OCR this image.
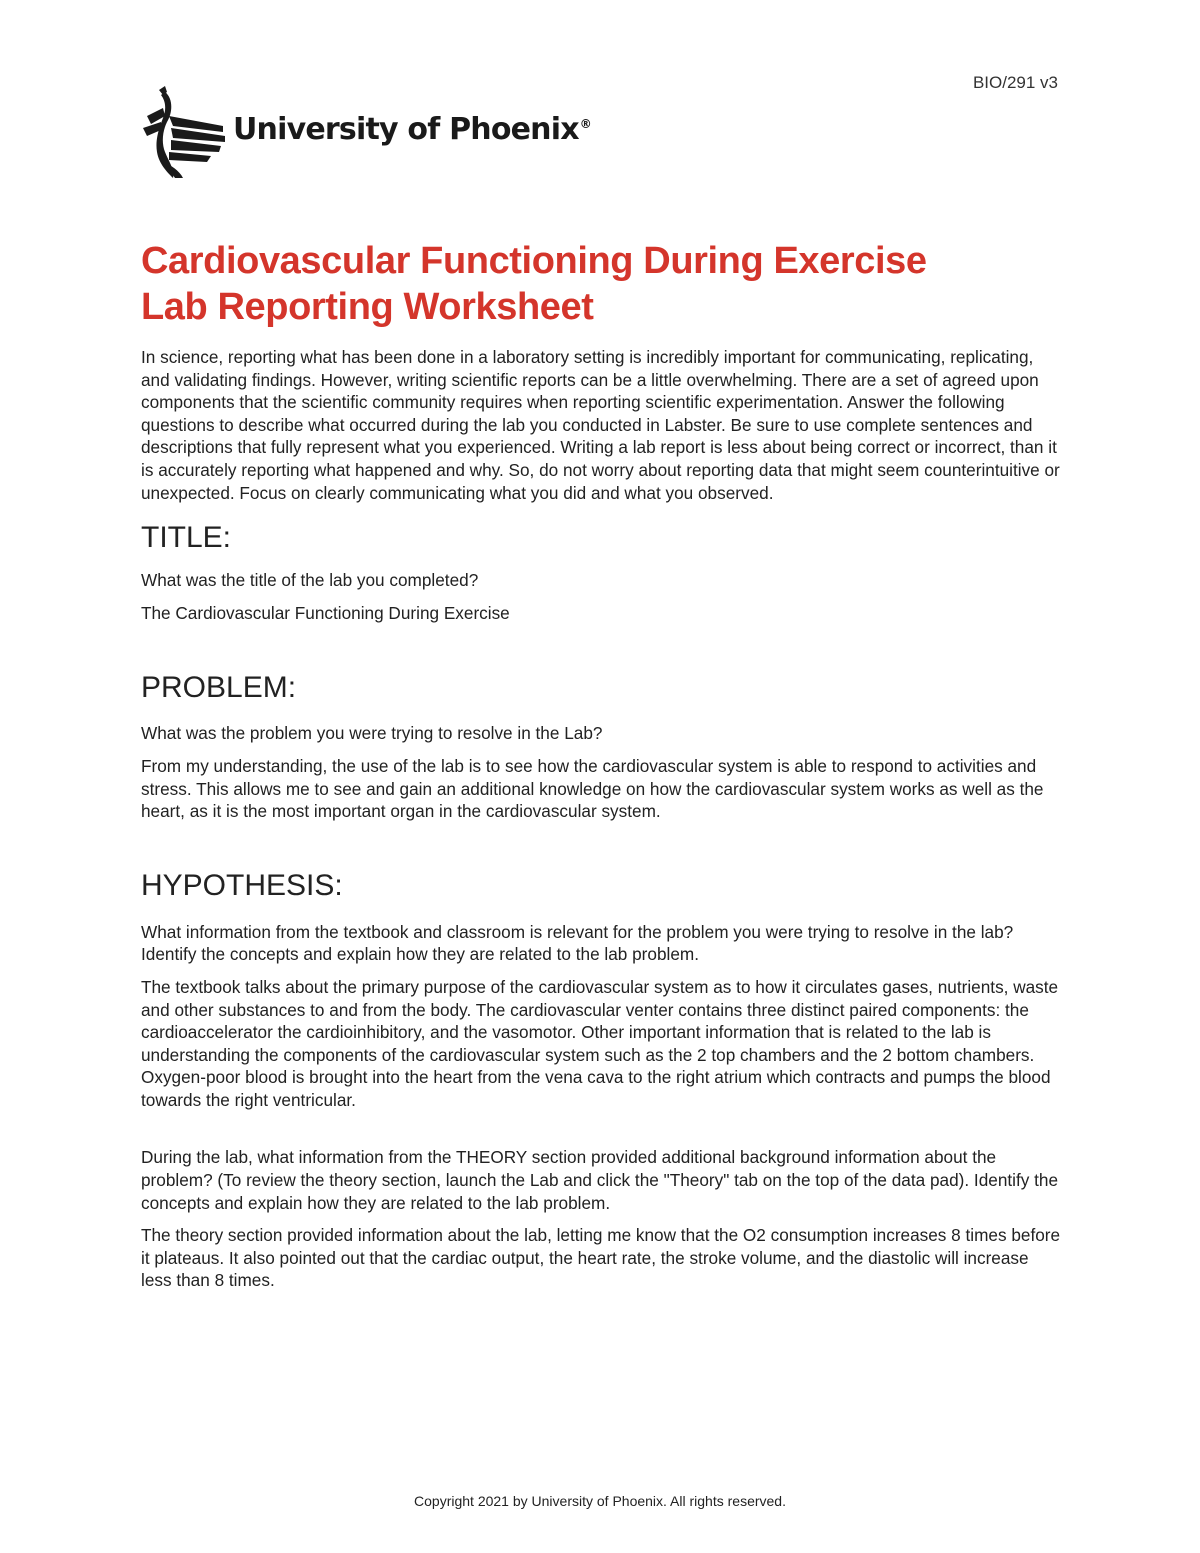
BIO/291 v3
University of Phoenix®
Cardiovascular Functioning During Exercise
Lab Reporting Worksheet

In science, reporting what has been done in a laboratory setting is incredibly important for communicating, replicating, and validating findings. However, writing scientific reports can be a little overwhelming. There are a set of agreed upon components that the scientific community requires when reporting scientific experimentation. Answer the following questions to describe what occurred during the lab you conducted in Labster. Be sure to use complete sentences and descriptions that fully represent what you experienced. Writing a lab report is less about being correct or incorrect, than it is accurately reporting what happened and why. So, do not worry about reporting data that might seem counterintuitive or unexpected. Focus on clearly communicating what you did and what you observed.

TITLE:

What was the title of the lab you completed?

The Cardiovascular Functioning During Exercise

PROBLEM:

What was the problem you were trying to resolve in the Lab?

From my understanding, the use of the lab is to see how the cardiovascular system is able to respond to activities and stress. This allows me to see and gain an additional knowledge on how the cardiovascular system works as well as the heart, as it is the most important organ in the cardiovascular system.

HYPOTHESIS:

What information from the textbook and classroom is relevant for the problem you were trying to resolve in the lab? Identify the concepts and explain how they are related to the lab problem.

The textbook talks about the primary purpose of the cardiovascular system as to how it circulates gases, nutrients, waste and other substances to and from the body. The cardiovascular venter contains three distinct paired components: the cardioaccelerator the cardioinhibitory, and the vasomotor. Other important information that is related to the lab is understanding the components of the cardiovascular system such as the 2 top chambers and the 2 bottom chambers. Oxygen-poor blood is brought into the heart from the vena cava to the right atrium which contracts and pumps the blood towards the right ventricular.

During the lab, what information from the THEORY section provided additional background information about the problem? (To review the theory section, launch the Lab and click the "Theory" tab on the top of the data pad). Identify the concepts and explain how they are related to the lab problem.

The theory section provided information about the lab, letting me know that the O2 consumption increases 8 times before it plateaus. It also pointed out that the cardiac output, the heart rate, the stroke volume, and the diastolic will increase less than 8 times.

Copyright 2021 by University of Phoenix. All rights reserved.
